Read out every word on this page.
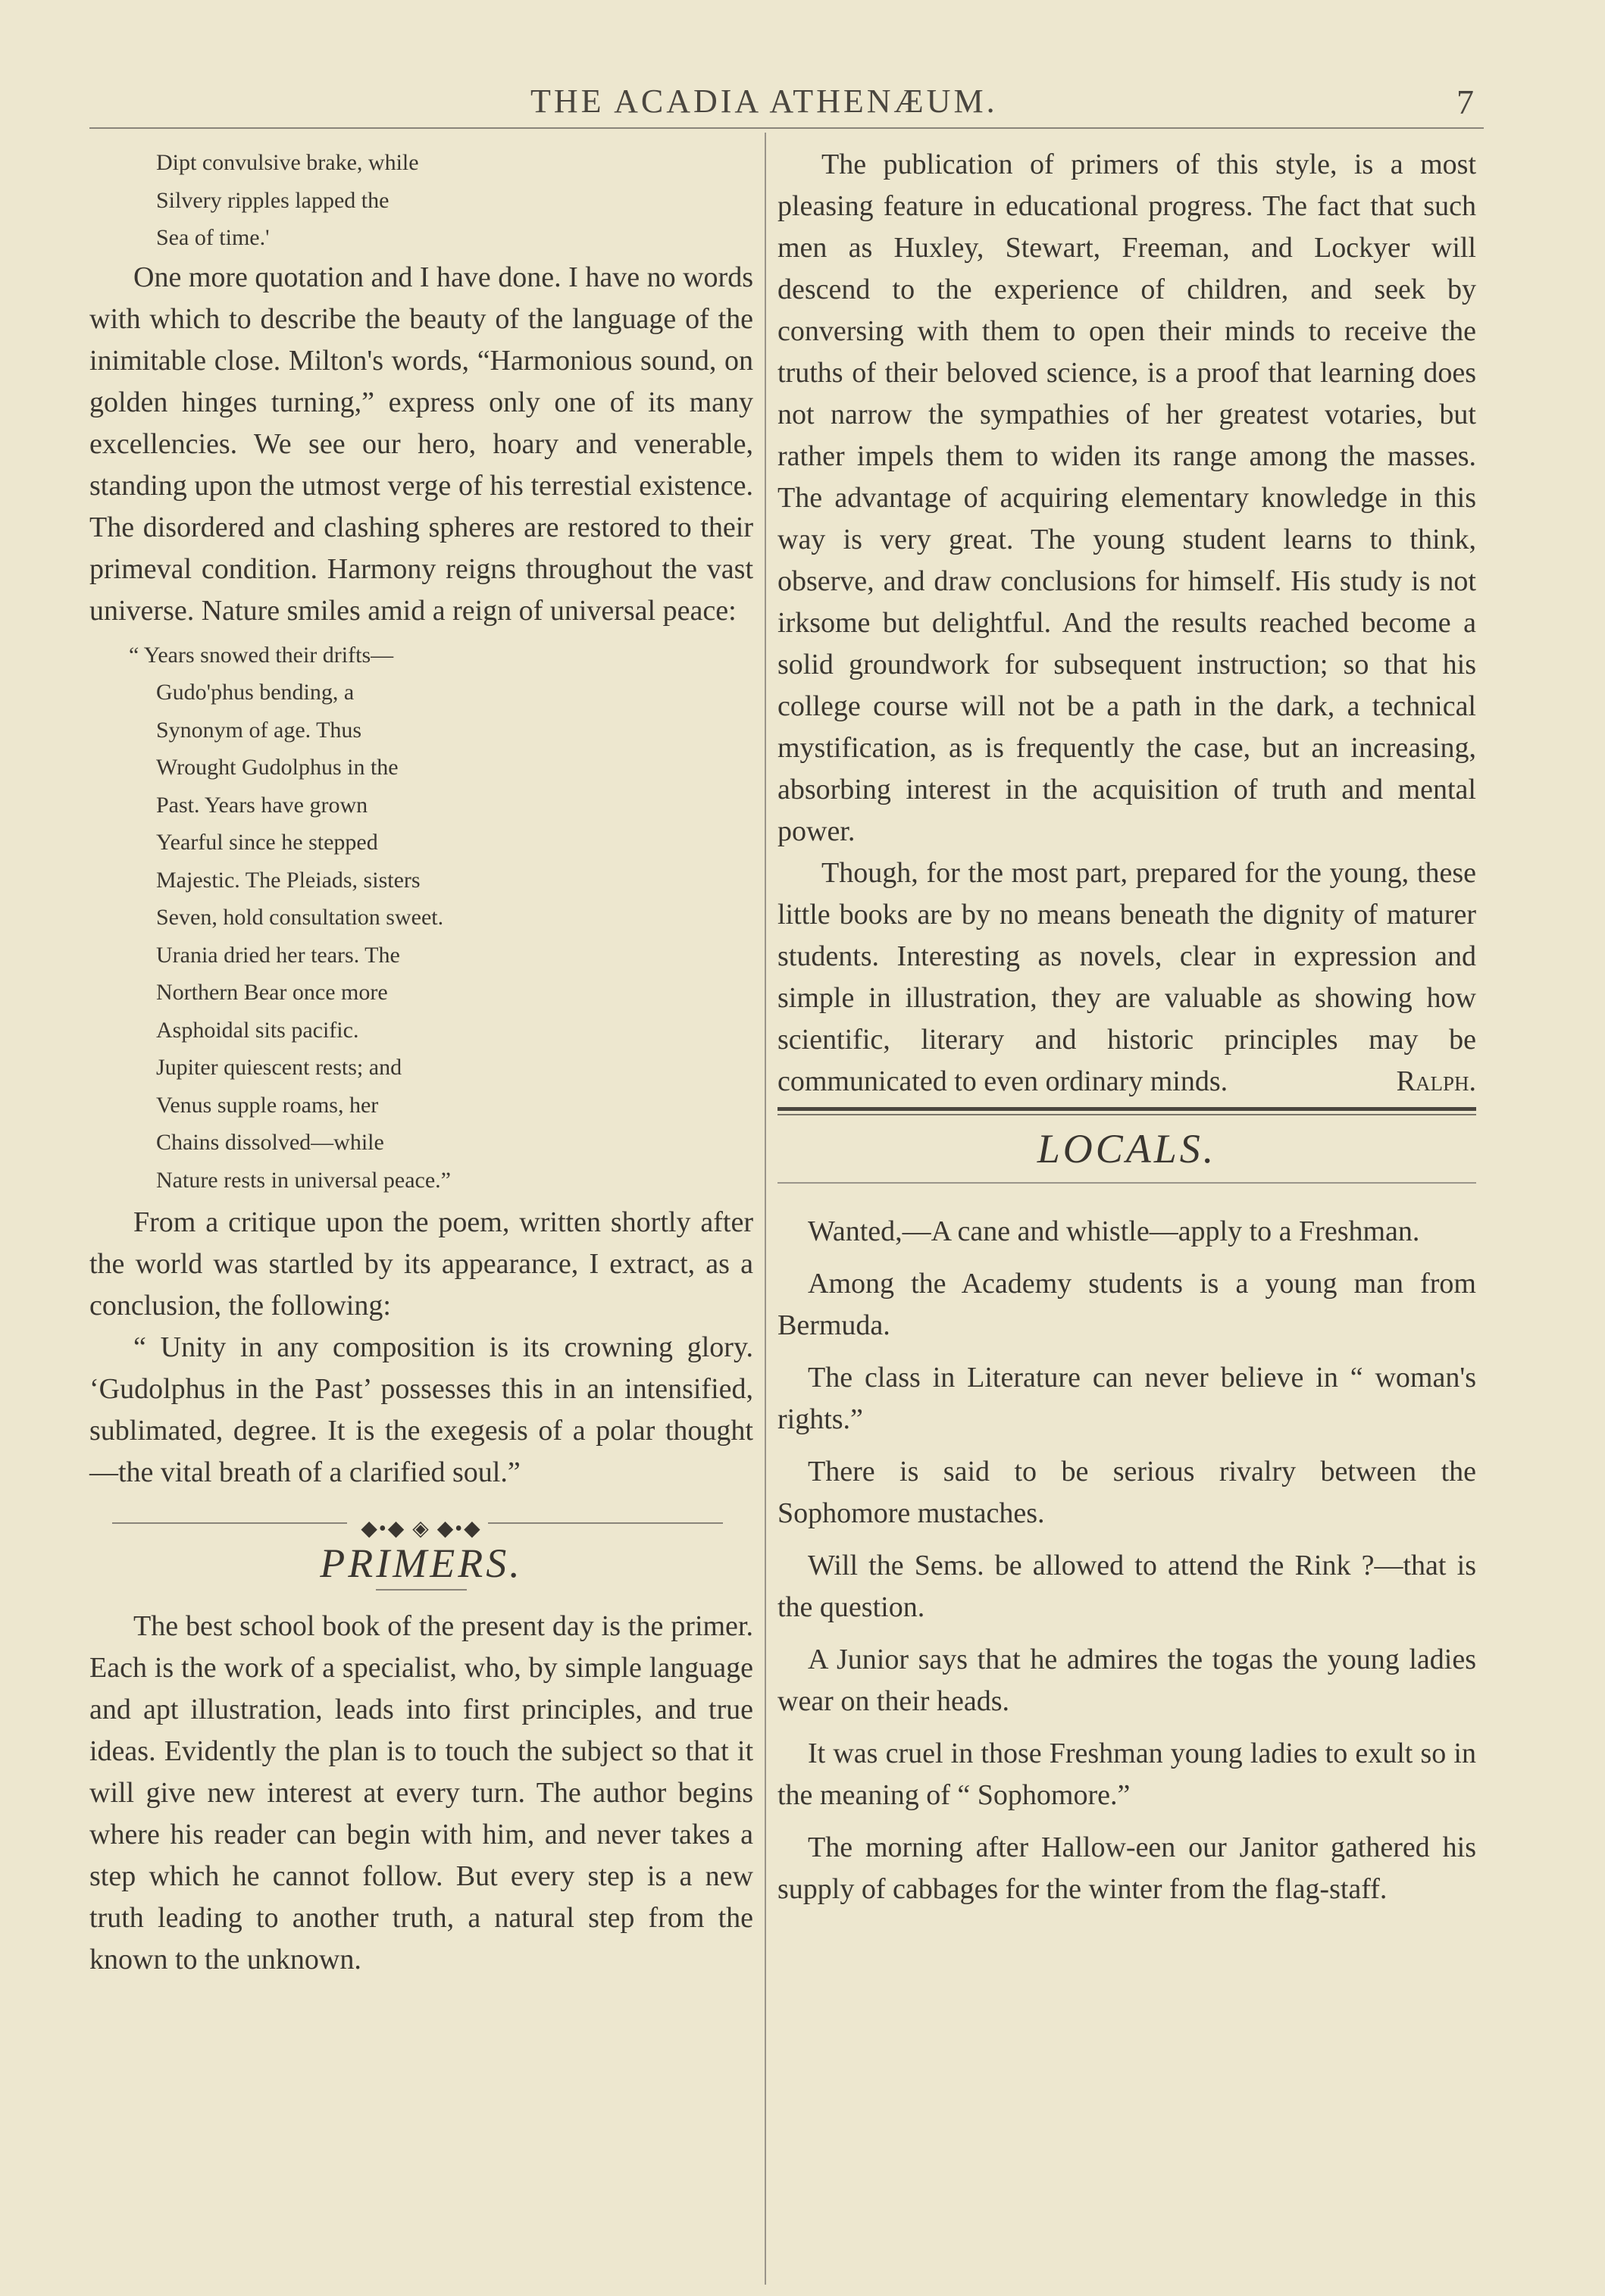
THE ACADIA ATHENÆUM.	7
Dipt convulsive brake, while
Silvery ripples lapped the
Sea of time.'

One more quotation and I have done. I have no words with which to describe the beauty of the language of the inimitable close. Milton's words, “Harmonious sound, on golden hinges turning,” express only one of its many excellencies. We see our hero, hoary and venerable, standing upon the utmost verge of his terrestial existence. The disordered and clashing spheres are restored to their primeval condition. Harmony reigns throughout the vast universe. Nature smiles amid a reign of universal peace:

“ Years snowed their drifts—
Gudo'phus bending, a
Synonym of age. Thus
Wrought Gudolphus in the
Past. Years have grown
Yearful since he stepped
Majestic. The Pleiads, sisters
Seven, hold consultation sweet.
Urania dried her tears. The
Northern Bear once more
Asphoidal sits pacific.
Jupiter quiescent rests; and
Venus supple roams, her
Chains dissolved—while
Nature rests in universal peace.”

From a critique upon the poem, written shortly after the world was startled by its appearance, I extract, as a conclusion, the following:

“ Unity in any composition is its crowning glory. ‘Gudolphus in the Past’ possesses this in an intensified, sublimated, degree. It is the exegesis of a polar thought—the vital breath of a clarified soul.”

◆•◆ ◈ ◆•◆
PRIMERS.

The best school book of the present day is the primer. Each is the work of a specialist, who, by simple language and apt illustration, leads into first principles, and true ideas. Evidently the plan is to touch the subject so that it will give new interest at every turn. The author begins where his reader can begin with him, and never takes a step which he cannot follow. But every step is a new truth leading to another truth, a natural step from the known to the unknown.

The publication of primers of this style, is a most pleasing feature in educational progress. The fact that such men as Huxley, Stewart, Freeman, and Lockyer will descend to the experience of children, and seek by conversing with them to open their minds to receive the truths of their beloved science, is a proof that learning does not narrow the sympathies of her greatest votaries, but rather impels them to widen its range among the masses. The advantage of acquiring elementary knowledge in this way is very great. The young student learns to think, observe, and draw conclusions for himself. His study is not irksome but delightful. And the results reached become a solid groundwork for subsequent instruction; so that his college course will not be a path in the dark, a technical mystification, as is frequently the case, but an increasing, absorbing interest in the acquisition of truth and mental power.

Though, for the most part, prepared for the young, these little books are by no means beneath the dignity of maturer students. Interesting as novels, clear in expression and simple in illustration, they are valuable as showing how scientific, literary and historic principles may be communicated to even ordinary minds.	Ralph.

LOCALS.

Wanted,—A cane and whistle—apply to a Freshman.

Among the Academy students is a young man from Bermuda.

The class in Literature can never believe in “ woman's rights.”

There is said to be serious rivalry between the Sophomore mustaches.

Will the Sems. be allowed to attend the Rink ?—that is the question.

A Junior says that he admires the togas the young ladies wear on their heads.

It was cruel in those Freshman young ladies to exult so in the meaning of “ Sophomore.”

The morning after Hallow-een our Janitor gathered his supply of cabbages for the winter from the flag-staff.
